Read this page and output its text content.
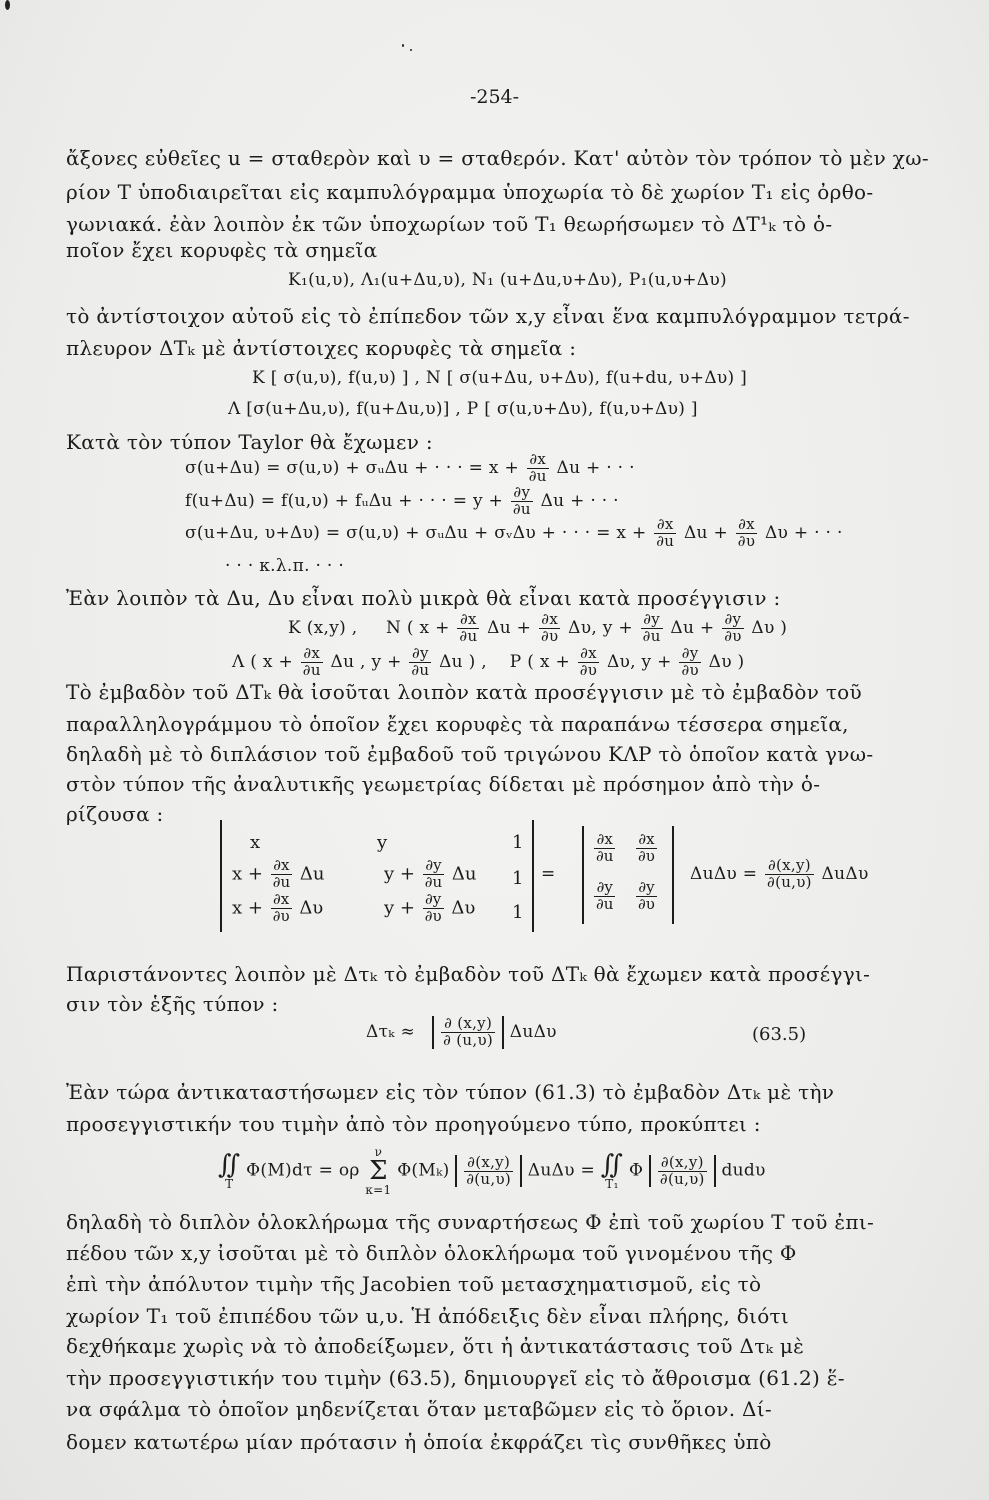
-254-
ἄξονες εὐθεῖες u = σταθερὸν καὶ υ = σταθερόν. Κατ' αὐτὸν τὸν τρόπον τὸ μὲν χω-
ρίον T ὑποδιαιρεῖται εἰς καμπυλόγραμμα ὑποχωρία τὸ δὲ χωρίον T₁ εἰς ὀρθο-
γωνιακά. ἐὰν λοιπὸν ἐκ τῶν ὑποχωρίων τοῦ T₁ θεωρήσωμεν τὸ ΔT¹ₖ τὸ ὁ-
ποῖον ἔχει κορυφὲς τὰ σημεῖα
K₁(u,υ), Λ₁(u+Δu,υ), N₁ (u+Δu,υ+Δυ), P₁(u,υ+Δυ)
τὸ ἀντίστοιχον αὐτοῦ εἰς τὸ ἐπίπεδον τῶν x,y εἶναι ἕνα καμπυλόγραμμον τετρά-
πλευρον ΔTₖ μὲ ἀντίστοιχες κορυφὲς τὰ σημεῖα :
K [ σ(u,υ), f(u,υ) ] , N [ σ(u+Δu, υ+Δυ), f(u+du, υ+Δυ) ]
Λ [σ(u+Δu,υ), f(u+Δu,υ)] , P [ σ(u,υ+Δυ), f(u,υ+Δυ) ]
Κατὰ τὸν τύπον Taylor θὰ ἔχωμεν :
σ(u+Δu) = σ(u,υ) + σᵤΔu + · · · = $x + \frac{\partial x}{\partial u}$ Δu + · · ·
f(u+Δu) = f(u,υ) + fᵤΔu + · · · = $y + \frac{\partial y}{\partial u}$ Δu + · · ·
σ(u+Δu, υ+Δυ) = σ(u,υ) + σᵤΔu + σᵥΔυ + · · · = $x + \frac{\partial x}{\partial u}$ $\Delta u + \frac{\partial x}{\partial\upsilon}$ Δυ + · · ·
· · · κ.λ.π. · · ·
Ἐὰν λοιπὸν τὰ Δu, Δυ εἶναι πολὺ μικρὰ θὰ εἶναι κατὰ προσέγγισιν :
K (x,y) , N ( $x + \frac{\partial x}{\partial u}$ $\Delta u + \frac{\partial x}{\partial\upsilon} \Delta\upsilon$, $y + \frac{\partial y}{\partial u}$ $\Delta u + \frac{\partial y}{\partial\upsilon}$ Δυ )
Λ ( $x + \frac{\partial x}{\partial u}$ Δu , $y + \frac{\partial y}{\partial u}$ Δu ) , P ( $x + \frac{\partial x}{\partial\upsilon} \Delta\upsilon$, $y + \frac{\partial y}{\partial\upsilon}$ Δυ )
Τὸ ἐμβαδὸν τοῦ ΔTₖ θὰ ἰσοῦται λοιπὸν κατὰ προσέγγισιν μὲ τὸ ἐμβαδὸν τοῦ
παραλληλογράμμου τὸ ὁποῖον ἔχει κορυφὲς τὰ παραπάνω τέσσερα σημεῖα,
δηλαδὴ μὲ τὸ διπλάσιον τοῦ ἐμβαδοῦ τοῦ τριγώνου ΚΛΡ τὸ ὁποῖον κατὰ γνω-
στὸν τύπον τῆς ἀναλυτικῆς γεωμετρίας δίδεται μὲ πρόσημον ἀπὸ τὴν ὁ-
ρίζουσα :
x	y	1
$x + \frac{\partial x}{\partial u}$ Δu	$y + \frac{\partial y}{\partial u}$ Δu 1
$x + \frac{\partial x}{\partial\upsilon}$ Δυ	$y + \frac{\partial y}{\partial\upsilon}$ Δυ 1
=
$\frac{\partial x}{\partial u} \frac{\partial x}{\partial\upsilon}$
$\frac{\partial y}{\partial u} \frac{\partial y}{\partial\upsilon}$
$\Delta u\Delta\upsilon = \frac{\partial(x,y)}{\partial(u,\upsilon)}$ ΔuΔυ
Παριστάνοντες λοιπὸν μὲ Δτₖ τὸ ἐμβαδὸν τοῦ ΔTₖ θὰ ἔχωμεν κατὰ προσέγγι-
σιν τὸν ἑξῆς τύπον :
$\Delta\tau_k \approx \frac{\partial (x,y)}{\partial (u,\upsilon)}$ ΔuΔυ	(63.5)
Ἐὰν τώρα ἀντικαταστήσωμεν εἰς τὸν τύπον (61.3) τὸ ἐμβαδὸν Δτₖ μὲ τὴν
προσεγγιστικήν του τιμὴν ἀπὸ τὸν προηγούμενο τύπο, προκύπτει :
∬
T Φ(M)dτ = ορ ν
Σ
κ=1 $\Phi(M_k) \frac{\partial(x,y)}{\partial(u,\upsilon)}$ ΔuΔυ = ∬
T₁ Φ $\frac{\partial(x,y)}{\partial(u,\upsilon)}$ dudυ
δηλαδὴ τὸ διπλὸν ὁλοκλήρωμα τῆς συναρτήσεως Φ ἐπὶ τοῦ χωρίου T τοῦ ἐπι-
πέδου τῶν x,y ἰσοῦται μὲ τὸ διπλὸν ὁλοκλήρωμα τοῦ γινομένου τῆς Φ
ἐπὶ τὴν ἀπόλυτον τιμὴν τῆς Jacobien τοῦ μετασχηματισμοῦ, εἰς τὸ
χωρίον T₁ τοῦ ἐπιπέδου τῶν u,υ. Ἡ ἀπόδειξις δὲν εἶναι πλήρης, διότι
δεχθήκαμε χωρὶς νὰ τὸ ἀποδείξωμεν, ὅτι ἡ ἀντικατάστασις τοῦ Δτₖ μὲ
τὴν προσεγγιστικήν του τιμὴν (63.5), δημιουργεῖ εἰς τὸ ἄθροισμα (61.2) ἕ-
να σφάλμα τὸ ὁποῖον μηδενίζεται ὅταν μεταβῶμεν εἰς τὸ ὅριον. Δί-
δομεν κατωτέρω μίαν πρότασιν ἡ ὁποία ἐκφράζει τὶς συνθῆκες ὑπὸ
